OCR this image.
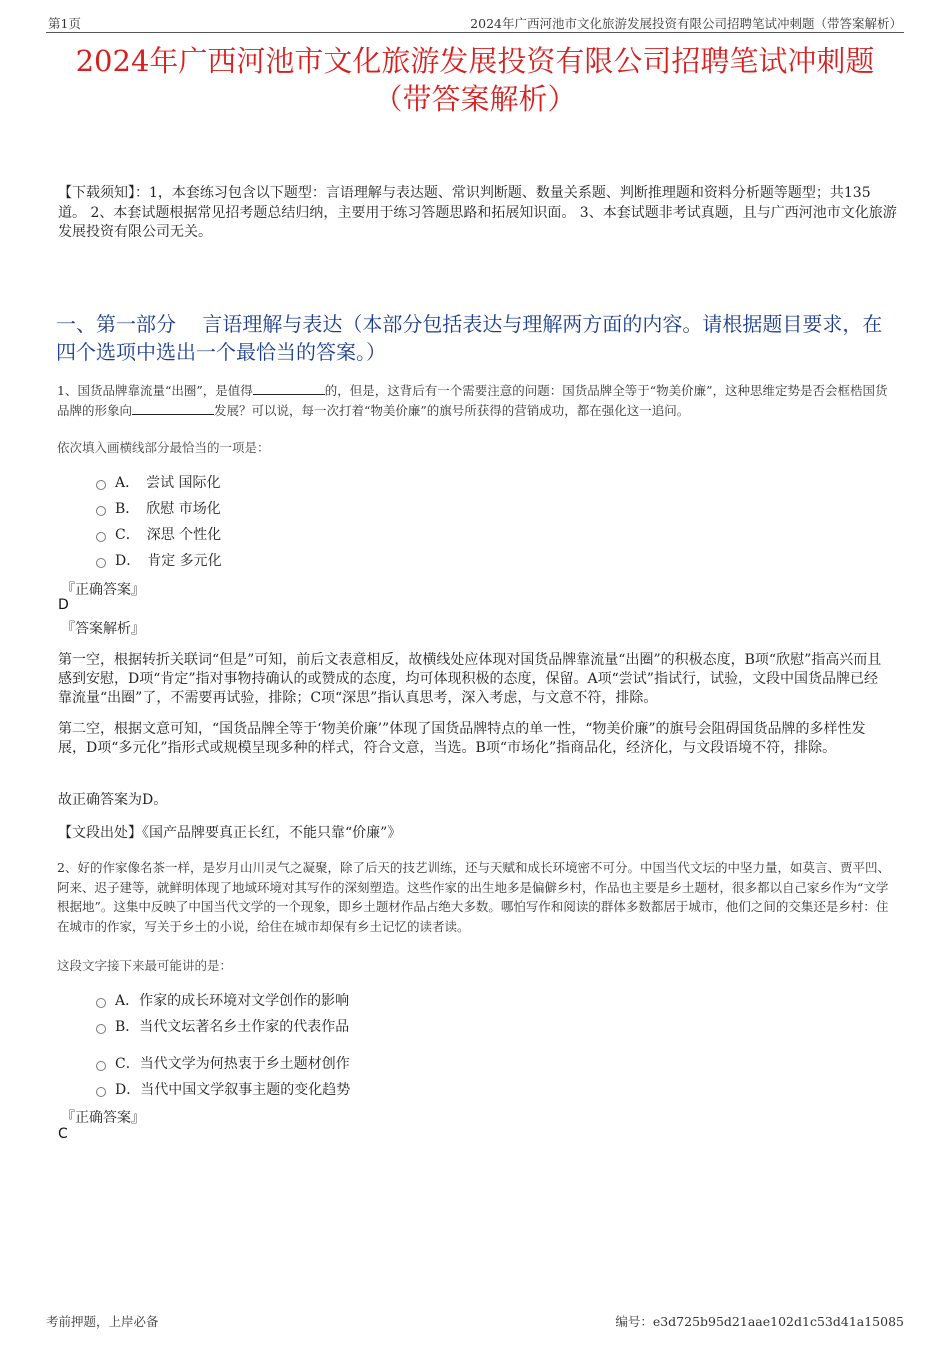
第1页	2024年广西河池市文化旅游发展投资有限公司招聘笔试冲刺题（带答案解析）
2024年广西河池市文化旅游发展投资有限公司招聘笔试冲刺题
（带答案解析）
【下载须知】：1，本套练习包含以下题型：言语理解与表达题、常识判断题、数量关系题、判断推理题和资料分析题等题型；共135道。 2、本套试题根据常见招考题总结归纳，主要用于练习答题思路和拓展知识面。 3、本套试题非考试真题，且与广西河池市文化旅游发展投资有限公司无关。
一、第一部分　 言语理解与表达（本部分包括表达与理解两方面的内容。请根据题目要求，在四个选项中选出一个最恰当的答案。）
1、国货品牌靠流量“出圈”，是值得	的，但是，这背后有一个需要注意的问题：国货品牌全等于“物美价廉”，这种思维定势是否会框梏国货品牌的形象向	发展？可以说，每一次打着“物美价廉”的旗号所获得的营销成功，都在强化这一追问。
依次填入画横线部分最恰当的一项是：
A．　尝试 国际化
B．　欣慰 市场化
C．　深思 个性化
D．　肯定 多元化
『正确答案』
D
『答案解析』
第一空，根据转折关联词“但是”可知，前后文表意相反，故横线处应体现对国货品牌靠流量“出圈”的积极态度，B项“欣慰”指高兴而且感到安慰，D项“肯定”指对事物持确认的或赞成的态度，均可体现积极的态度，保留。A项“尝试”指试行，试验，文段中国货品牌已经靠流量“出圈”了，不需要再试验，排除；C项“深思”指认真思考，深入考虑，与文意不符，排除。
第二空，根据文意可知，“国货品牌全等于‘物美价廉’”体现了国货品牌特点的单一性，“物美价廉”的旗号会阻碍国货品牌的多样性发展，D项“多元化”指形式或规模呈现多种的样式，符合文意，当选。B项“市场化”指商品化，经济化，与文段语境不符，排除。
故正确答案为D。
【文段出处】《国产品牌要真正长红，不能只靠“价廉”》
2、好的作家像名茶一样，是岁月山川灵气之凝聚，除了后天的技艺训练，还与天赋和成长环境密不可分。中国当代文坛的中坚力量，如莫言、贾平凹、阿来、迟子建等，就鲜明体现了地域环境对其写作的深刻塑造。这些作家的出生地多是偏僻乡村，作品也主要是乡土题材，很多都以自己家乡作为“文学根据地”。这集中反映了中国当代文学的一个现象，即乡土题材作品占绝大多数。哪怕写作和阅读的群体多数都居于城市，他们之间的交集还是乡村：住在城市的作家，写关于乡土的小说，给住在城市却保有乡土记忆的读者读。
这段文字接下来最可能讲的是：
A．作家的成长环境对文学创作的影响
B．当代文坛著名乡土作家的代表作品
C．当代文学为何热衷于乡土题材创作
D．当代中国文学叙事主题的变化趋势
『正确答案』
C
考前押题，上岸必备	编号：e3d725b95d21aae102d1c53d41a15085
